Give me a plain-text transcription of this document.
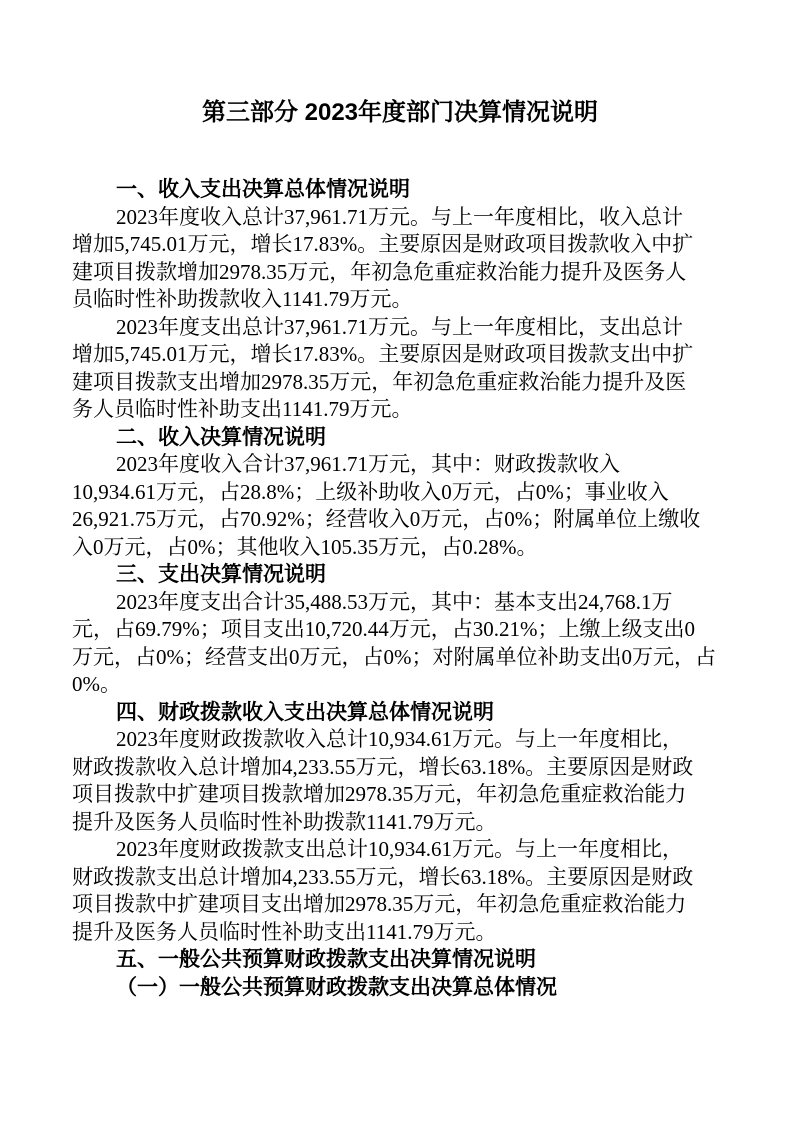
第三部分 2023年度部门决算情况说明
一、收入支出决算总体情况说明
2023年度收入总计37,961.71万元。与上一年度相比，收入总计
增加5,745.01万元，增长17.83%。主要原因是财政项目拨款收入中扩
建项目拨款增加2978.35万元，年初急危重症救治能力提升及医务人
员临时性补助拨款收入1141.79万元。
2023年度支出总计37,961.71万元。与上一年度相比，支出总计
增加5,745.01万元，增长17.83%。主要原因是财政项目拨款支出中扩
建项目拨款支出增加2978.35万元，年初急危重症救治能力提升及医
务人员临时性补助支出1141.79万元。
二、收入决算情况说明
2023年度收入合计37,961.71万元，其中：财政拨款收入
10,934.61万元，占28.8%；上级补助收入0万元，占0%；事业收入
26,921.75万元，占70.92%；经营收入0万元，占0%；附属单位上缴收
入0万元，占0%；其他收入105.35万元，占0.28%。
三、支出决算情况说明
2023年度支出合计35,488.53万元，其中：基本支出24,768.1万
元，占69.79%；项目支出10,720.44万元，占30.21%；上缴上级支出0
万元，占0%；经营支出0万元，占0%；对附属单位补助支出0万元，占
0%。
四、财政拨款收入支出决算总体情况说明
2023年度财政拨款收入总计10,934.61万元。与上一年度相比，
财政拨款收入总计增加4,233.55万元，增长63.18%。主要原因是财政
项目拨款中扩建项目拨款增加2978.35万元，年初急危重症救治能力
提升及医务人员临时性补助拨款1141.79万元。
2023年度财政拨款支出总计10,934.61万元。与上一年度相比，
财政拨款支出总计增加4,233.55万元，增长63.18%。主要原因是财政
项目拨款中扩建项目支出增加2978.35万元，年初急危重症救治能力
提升及医务人员临时性补助支出1141.79万元。
五、一般公共预算财政拨款支出决算情况说明
（一）一般公共预算财政拨款支出决算总体情况
